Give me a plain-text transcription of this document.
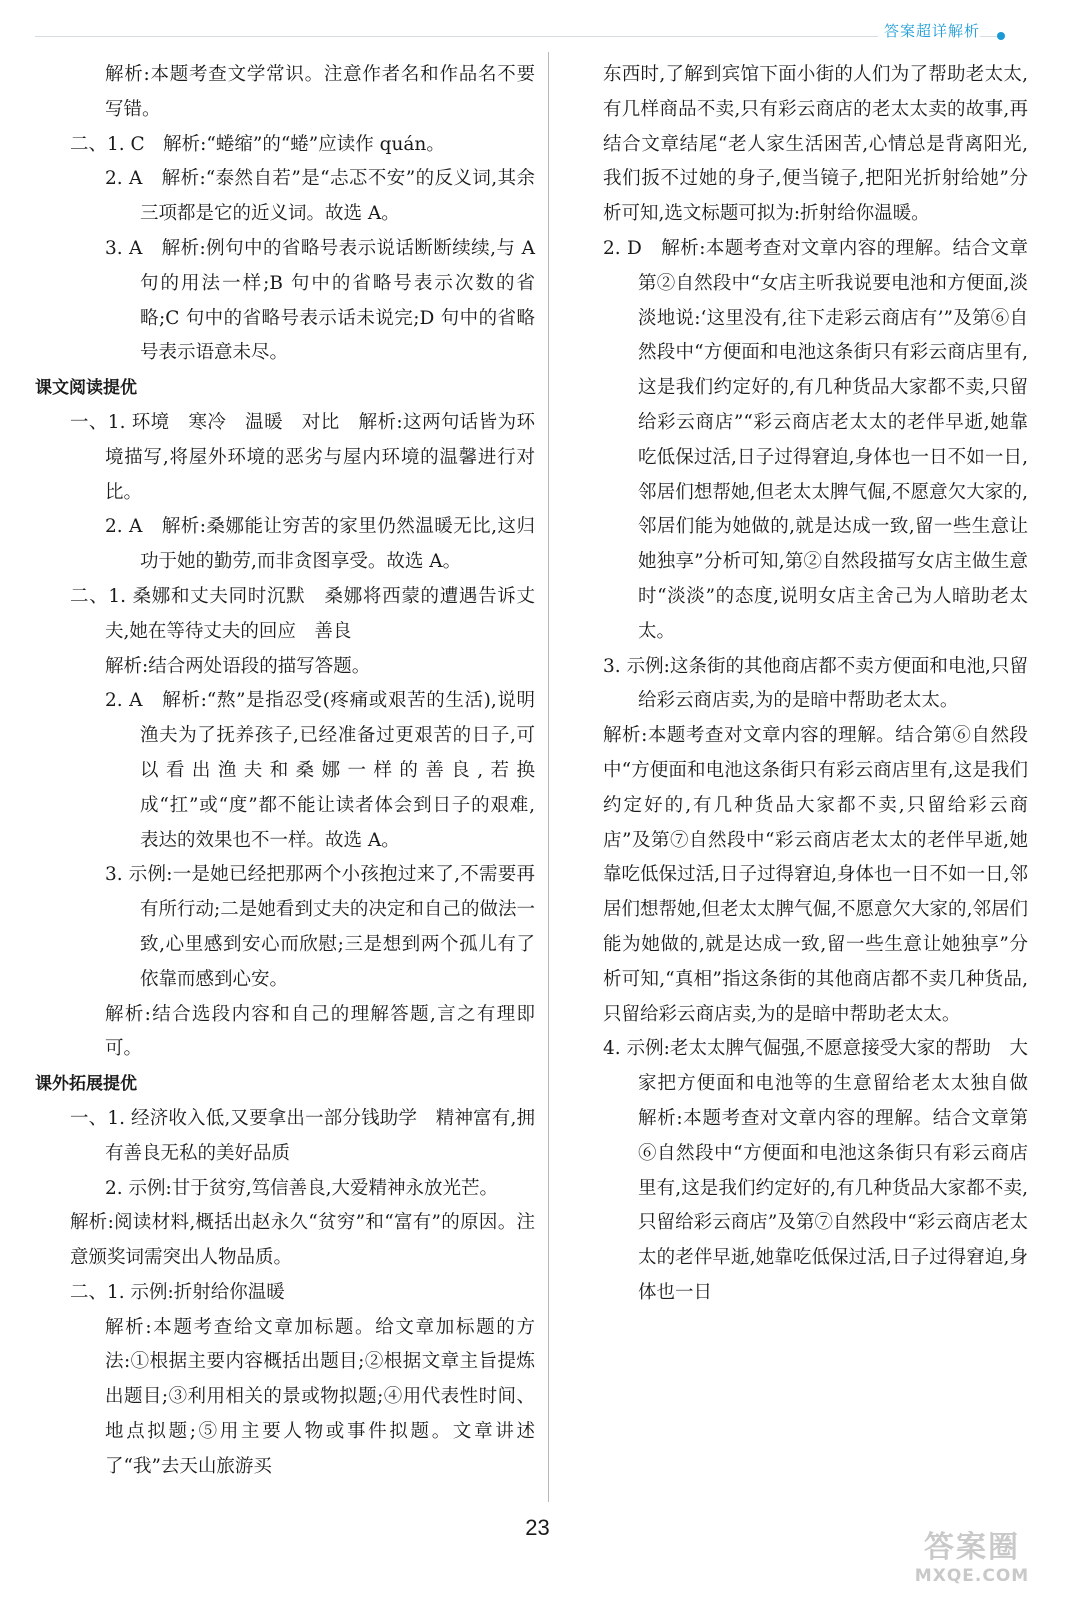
答案超详解析

解析:本题考查文学常识。注意作者名和作品名不要写错。

二、1. C　解析:“蜷缩”的“蜷”应读作 quán。

2. A　解析:“泰然自若”是“忐忑不安”的反义词,其余三项都是它的近义词。故选 A。

3. A　解析:例句中的省略号表示说话断断续续,与 A 句的用法一样;B 句中的省略号表示次数的省略;C 句中的省略号表示话未说完;D 句中的省略号表示语意未尽。

课文阅读提优

一、1. 环境　寒冷　温暖　对比　解析:这两句话皆为环境描写,将屋外环境的恶劣与屋内环境的温馨进行对比。

2. A　解析:桑娜能让穷苦的家里仍然温暖无比,这归功于她的勤劳,而非贪图享受。故选 A。

二、1. 桑娜和丈夫同时沉默　桑娜将西蒙的遭遇告诉丈夫,她在等待丈夫的回应　善良

解析:结合两处语段的描写答题。

2. A　解析:“熬”是指忍受(疼痛或艰苦的生活),说明渔夫为了抚养孩子,已经准备过更艰苦的日子,可以看出渔夫和桑娜一样的善良,若换成“扛”或“度”都不能让读者体会到日子的艰难,表达的效果也不一样。故选 A。

3. 示例:一是她已经把那两个小孩抱过来了,不需要再有所行动;二是她看到丈夫的决定和自己的做法一致,心里感到安心而欣慰;三是想到两个孤儿有了依靠而感到心安。

解析:结合选段内容和自己的理解答题,言之有理即可。

课外拓展提优

一、1. 经济收入低,又要拿出一部分钱助学　精神富有,拥有善良无私的美好品质

2. 示例:甘于贫穷,笃信善良,大爱精神永放光芒。

解析:阅读材料,概括出赵永久“贫穷”和“富有”的原因。注意颁奖词需突出人物品质。

二、1. 示例:折射给你温暖

解析:本题考查给文章加标题。给文章加标题的方法:①根据主要内容概括出题目;②根据文章主旨提炼出题目;③利用相关的景或物拟题;④用代表性时间、地点拟题;⑤用主要人物或事件拟题。文章讲述了“我”去天山旅游买

东西时,了解到宾馆下面小街的人们为了帮助老太太,有几样商品不卖,只有彩云商店的老太太卖的故事,再结合文章结尾“老人家生活困苦,心情总是背离阳光,我们扳不过她的身子,便当镜子,把阳光折射给她”分析可知,选文标题可拟为:折射给你温暖。

2. D　解析:本题考查对文章内容的理解。结合文章第②自然段中“女店主听我说要电池和方便面,淡淡地说:‘这里没有,往下走彩云商店有’”及第⑥自然段中“方便面和电池这条街只有彩云商店里有,这是我们约定好的,有几种货品大家都不卖,只留给彩云商店”“彩云商店老太太的老伴早逝,她靠吃低保过活,日子过得窘迫,身体也一日不如一日,邻居们想帮她,但老太太脾气倔,不愿意欠大家的,邻居们能为她做的,就是达成一致,留一些生意让她独享”分析可知,第②自然段描写女店主做生意时“淡淡”的态度,说明女店主舍己为人暗助老太太。

3. 示例:这条街的其他商店都不卖方便面和电池,只留给彩云商店卖,为的是暗中帮助老太太。

解析:本题考查对文章内容的理解。结合第⑥自然段中“方便面和电池这条街只有彩云商店里有,这是我们约定好的,有几种货品大家都不卖,只留给彩云商店”及第⑦自然段中“彩云商店老太太的老伴早逝,她靠吃低保过活,日子过得窘迫,身体也一日不如一日,邻居们想帮她,但老太太脾气倔,不愿意欠大家的,邻居们能为她做的,就是达成一致,留一些生意让她独享”分析可知,“真相”指这条街的其他商店都不卖几种货品,只留给彩云商店卖,为的是暗中帮助老太太。

4. 示例:老太太脾气倔强,不愿意接受大家的帮助　大家把方便面和电池等的生意留给老太太独自做　解析:本题考查对文章内容的理解。结合文章第⑥自然段中“方便面和电池这条街只有彩云商店里有,这是我们约定好的,有几种货品大家都不卖,只留给彩云商店”及第⑦自然段中“彩云商店老太太的老伴早逝,她靠吃低保过活,日子过得窘迫,身体也一日

23
答案圈
MXQE.COM
